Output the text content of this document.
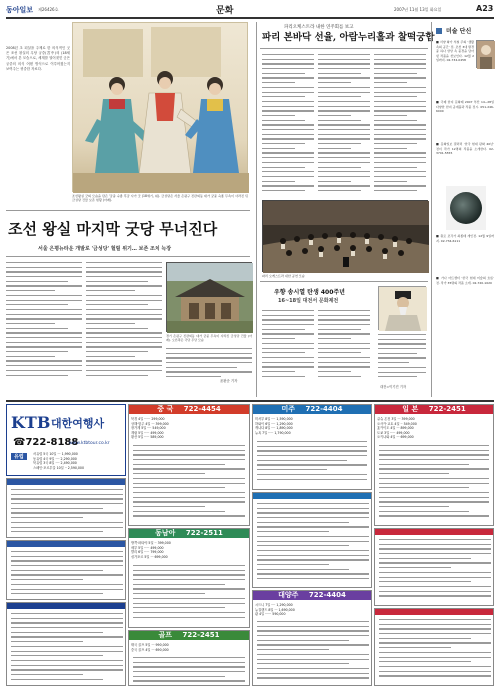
동아일보 제26426호	문화	2007년 11월 13일 화요일	A23
2008년 초 되살을 주제로 한 의식적인 굿은 조선 왕실의 무당 궁중(宮中)의 (18세기)에서 본 모습으로, 세계를 열어젖힌 굿은 궁중의 의식 어떤 방식으로 이루어졌는지 보여주는 귀중한 자료다.
조선왕실 굿의 모습을 담은 '궁중 숙종 후궁 사가 굿 (18세기, 위). 금성당은 서울 은평구 진관외동 대가 궁중 숙종 무속이 사라진 뒤 금성당 건물 보존 현황 (아래).
조선 왕실 마지막 굿당 무너진다
서울 은평뉴타운 개발로 '금성당' 헐릴 위기… 보존 조치 늑장
경기 은평구 진관외동 대가 궁중 무속이 사라진 금성당 건물 (아래). 오른쪽은 국당 무당 모습
윤완준 기자
파리오케스트라 내한 연주회를 보고
파리 본바닥 선율, 아람누리홀과 찰떡궁합
파리 오케스트라 내한 공연 모습
우향 송시열 탄생 400주년
16~18일 대전서 문화제전
대전=이기진 기자
미술 단신
■ 서양 화가 석철 주의 ‘생활 속의 공간’ 전. 조선 3대 팔경 중 하나 상상 속 풍경을 담아낸 작품을 선보인다. 12월 2일까지. 02-734-0458
■ 국제 한지 문화제 2007 부산 14~28일 다양한 한지 공예품과 작품 전시. 051-246-6000
■ 문화일보 갤러리 ‘한국 현대 판화 40년’ 전이 작가 12명의 작품을 소개한다. 02-3701-5555
■ 원로 조각가 최종태 개인전. 12월 9일까지. 02-734-6111
■ 가나 아트센터 ‘한국 현대 미술의 흐름’ 전. 작가 35명의 작품 소개. 02-720-1020
KTB 대한여행사
☎722-8188
www.ktbtour.co.kr
유럽	서유럽 5국 10일 ··· 1,990,000
동유럽 4국 9일 ···· 2,290,000
북유럽 3국 8일 ···· 2,490,000
스페인·포르투갈 10일 ·· 2,590,000
중 국 722-4454
북경 4일 ······ 299,000
상해·항주 4일 ··· 399,000
장가계 5일 ···· 549,000
계림 5일 ····· 499,000
황산 5일 ····· 589,000
미주 722-4404
미서부 8일 ···· 1,590,000
하와이 6일 ···· 1,290,000
캐나다 8일 ···· 1,890,000
뉴욕 7일 ····· 1,790,000
일 본 722-2451
큐슈 온천 3일 ··· 399,000
오사카·교토 4일 ·· 549,000
홋카이도 4일 ··· 899,000
도쿄 3일 ····· 499,000
오키나와 4일 ··· 699,000
동남아 722-2511
방콕·파타야 5일 ·· 399,000
세부 5일 ····· 499,000
발리 6일 ····· 799,000
싱가포르 5일 ··· 699,000
골프 722-2451
태국 골프 5일 ··· 990,000
중국 골프 4일 ··· 690,000
대양주 722-4404
시드니 7일 ···· 1,290,000
뉴질랜드 8일 ··· 1,690,000
괌 4일 ······ 590,000
